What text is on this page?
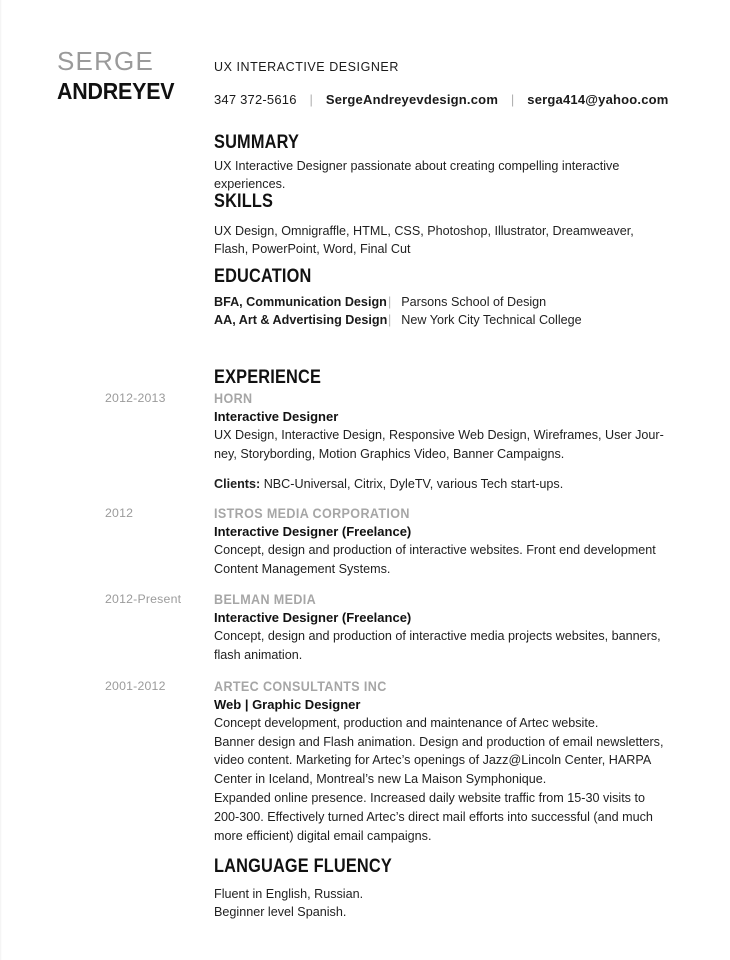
SERGE
ANDREYEV
UX INTERACTIVE DESIGNER
347 372-5616 | SergeAndreyevdesign.com | serga414@yahoo.com
SUMMARY
UX Interactive Designer passionate about creating compelling interactive experiences.
SKILLS
UX Design, Omnigraffle, HTML, CSS, Photoshop, Illustrator, Dreamweaver,
Flash, PowerPoint, Word, Final Cut
EDUCATION
BFA, Communication Design| Parsons School of Design
AA, Art & Advertising Design| New York City Technical College
EXPERIENCE
2012-2013	HORN
Interactive Designer
UX Design, Interactive Design, Responsive Web Design, Wireframes, User Jour-
ney, Storybording, Motion Graphics Video, Banner Campaigns.
Clients: NBC-Universal, Citrix, DyleTV, various Tech start-ups.
2012	ISTROS MEDIA CORPORATION
Interactive Designer (Freelance)
Concept, design and production of interactive websites. Front end development
Content Management Systems.
2012-Present	BELMAN MEDIA
Interactive Designer (Freelance)
Concept, design and production of interactive media projects websites, banners,
flash animation.
2001-2012	ARTEC CONSULTANTS INC
Web | Graphic Designer
Concept development, production and maintenance of Artec website.
Banner design and Flash animation. Design and production of email newsletters,
video content. Marketing for Artec’s openings of Jazz@Lincoln Center, HARPA
Center in Iceland, Montreal’s new La Maison Symphonique.
Expanded online presence. Increased daily website traffic from 15-30 visits to
200-300. Effectively turned Artec’s direct mail efforts into successful (and much
more efficient) digital email campaigns.
LANGUAGE FLUENCY
Fluent in English, Russian.
Beginner level Spanish.
